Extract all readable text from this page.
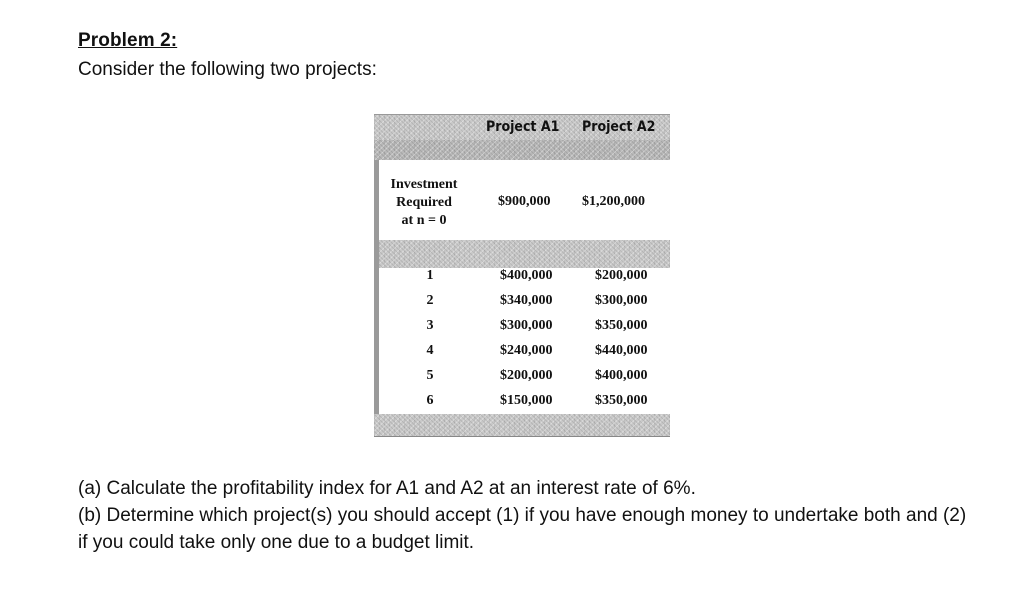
Problem 2:
Consider the following two projects:
Project A1 Project A2
Investment
Required
at n = 0
$900,000 $1,200,000
1	$400,000	$200,000
2	$340,000	$300,000
3	$300,000	$350,000
4	$240,000	$440,000
5	$200,000	$400,000
6	$150,000	$350,000
(a) Calculate the profitability index for A1 and A2 at an interest rate of 6%.
(b) Determine which project(s) you should accept (1) if you have enough money to undertake both and (2) if you could take only one due to a budget limit.
